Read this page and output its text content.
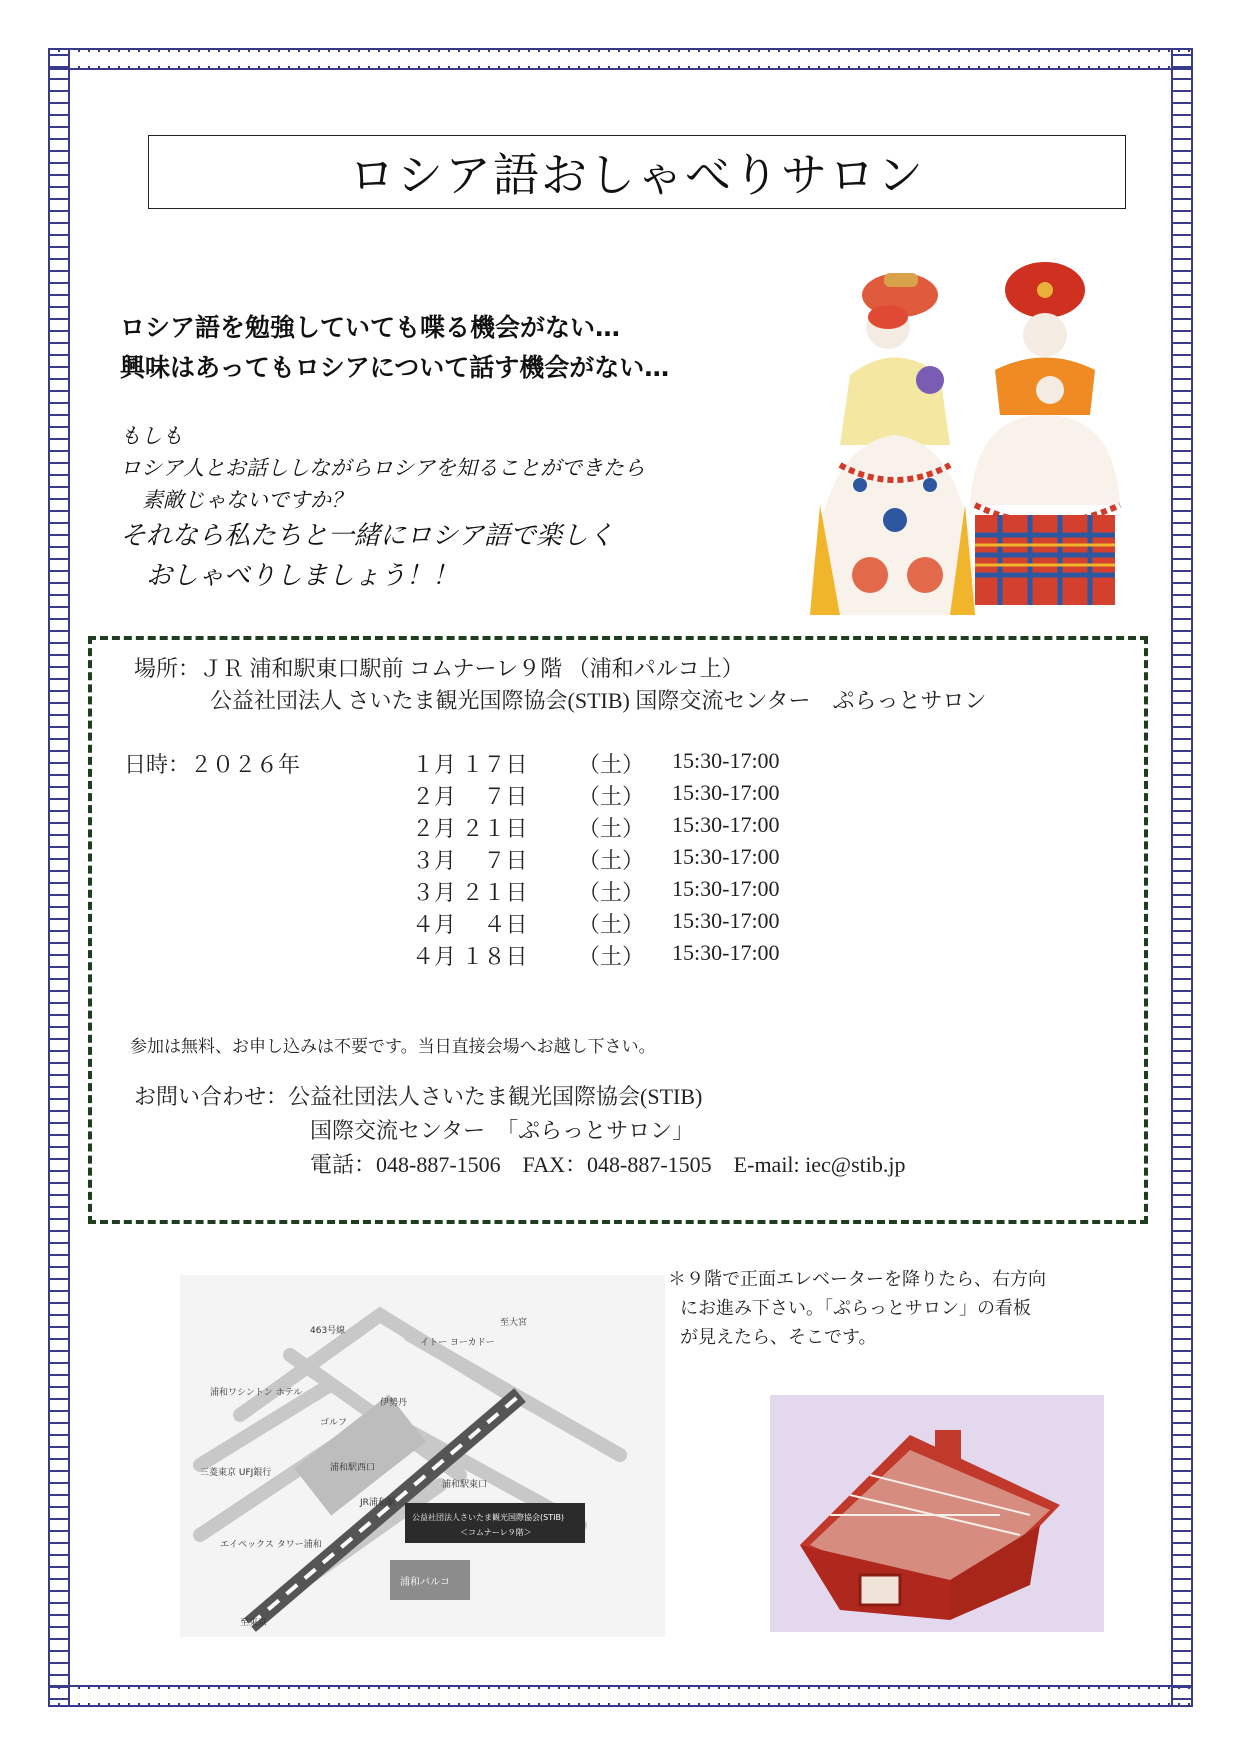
ロシア語おしゃべりサロン
ロシア語を勉強していても喋る機会がない…
興味はあってもロシアについて話す機会がない…
もしも
ロシア人とお話ししながらロシアを知ることができたら
素敵じゃないですか？
それなら私たちと一緒にロシア語で楽しく
おしゃべりしましょう！！
場所：ＪＲ 浦和駅東口駅前 コムナーレ９階 （浦和パルコ上）
公益社団法人 さいたま観光国際協会(STIB) 国際交流センター　ぷらっとサロン
日時：２０２６年	１月 １７日 （土） 15:30-17:00
２月 　７日 （土） 15:30-17:00
２月 ２１日 （土） 15:30-17:00
３月 　７日 （土） 15:30-17:00
３月 ２１日 （土） 15:30-17:00
４月 　４日 （土） 15:30-17:00
４月 １８日 （土） 15:30-17:00
参加は無料、お申し込みは不要です。当日直接会場へお越し下さい。
お問い合わせ：公益社団法人さいたま観光国際協会(STIB)
国際交流センター　「ぷらっとサロン」
電話：048-887-1506　FAX：048-887-1505　E-mail: iec@stib.jp
＊９階で正面エレベーターを降りたら、右方向
にお進み下さい。「ぷらっとサロン」の看板
が見えたら、そこです。
463号線
イトー ヨーカドー
浦和ワシントン ホテル
三菱東京 UFJ銀行
ゴルフ
伊勢丹
浦和駅西口
浦和駅東口
JR浦和駅
公益社団法人さいたま観光国際協会(STIB)
＜コムナーレ９階＞
浦和パルコ
エイペックス タワー浦和
至大宮
至東京
